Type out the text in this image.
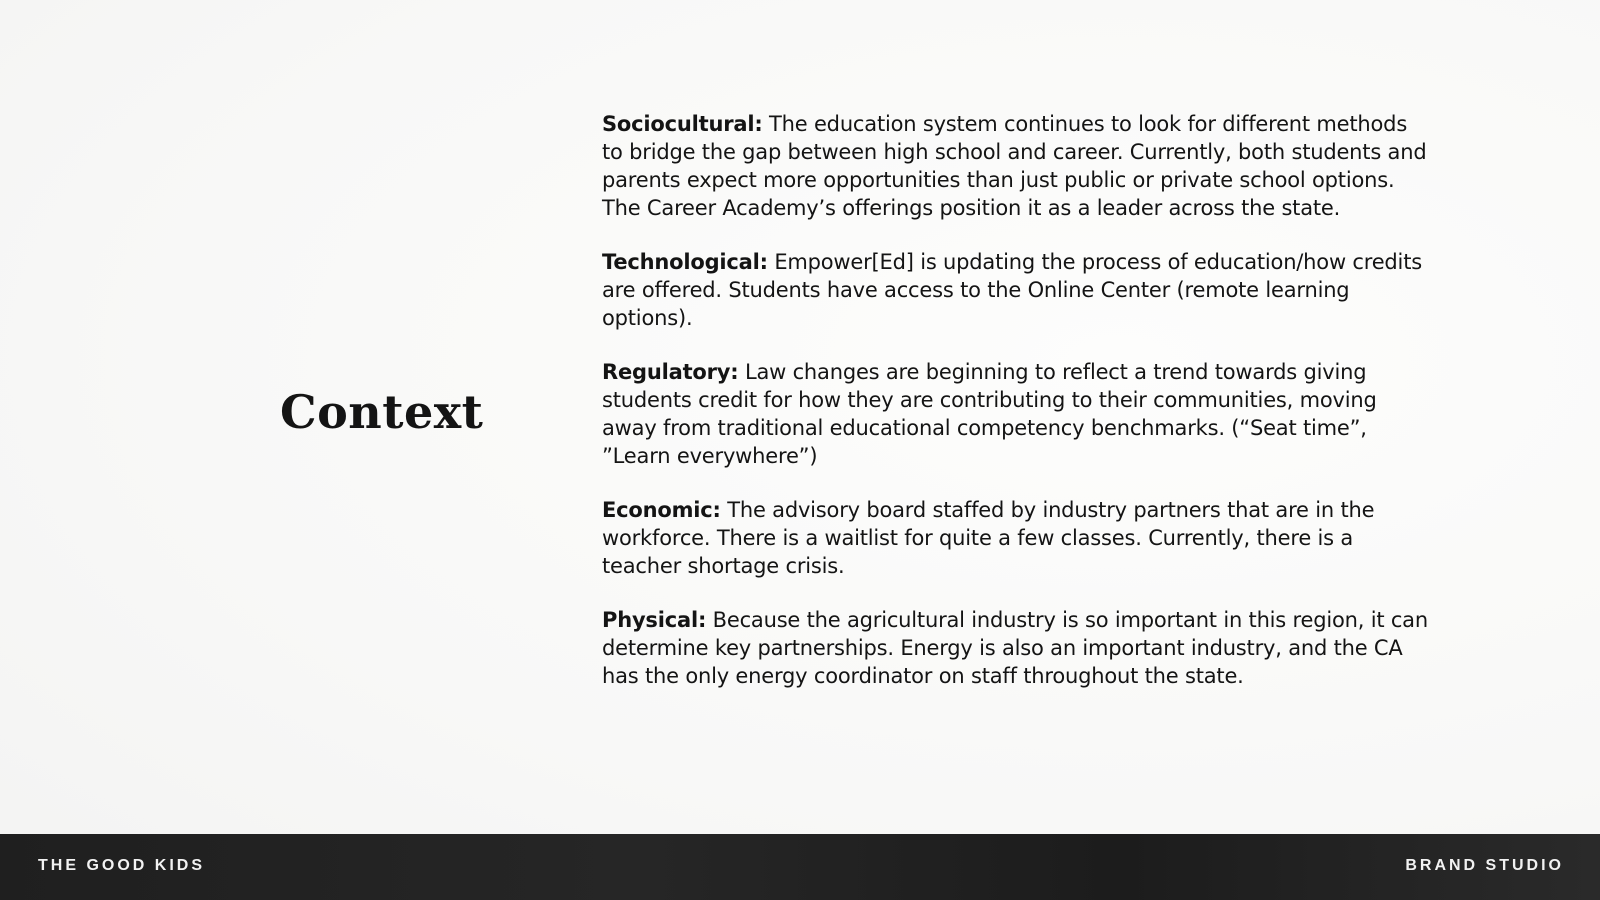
Context

Sociocultural: The education system continues to look for different methods to bridge the gap between high school and career. Currently, both students and parents expect more opportunities than just public or private school options. The Career Academy’s offerings position it as a leader across the state.

Technological: Empower[Ed] is updating the process of education/how credits are offered. Students have access to the Online Center (remote learning options).

Regulatory: Law changes are beginning to reflect a trend towards giving students credit for how they are contributing to their communities, moving away from traditional educational competency benchmarks. (“Seat time”, ”Learn everywhere”)

Economic: The advisory board staffed by industry partners that are in the workforce. There is a waitlist for quite a few classes. Currently, there is a teacher shortage crisis.

Physical: Because the agricultural industry is so important in this region, it can determine key partnerships. Energy is also an important industry, and the CA has the only energy coordinator on staff throughout the state.

THE GOOD KIDS	BRAND STUDIO
